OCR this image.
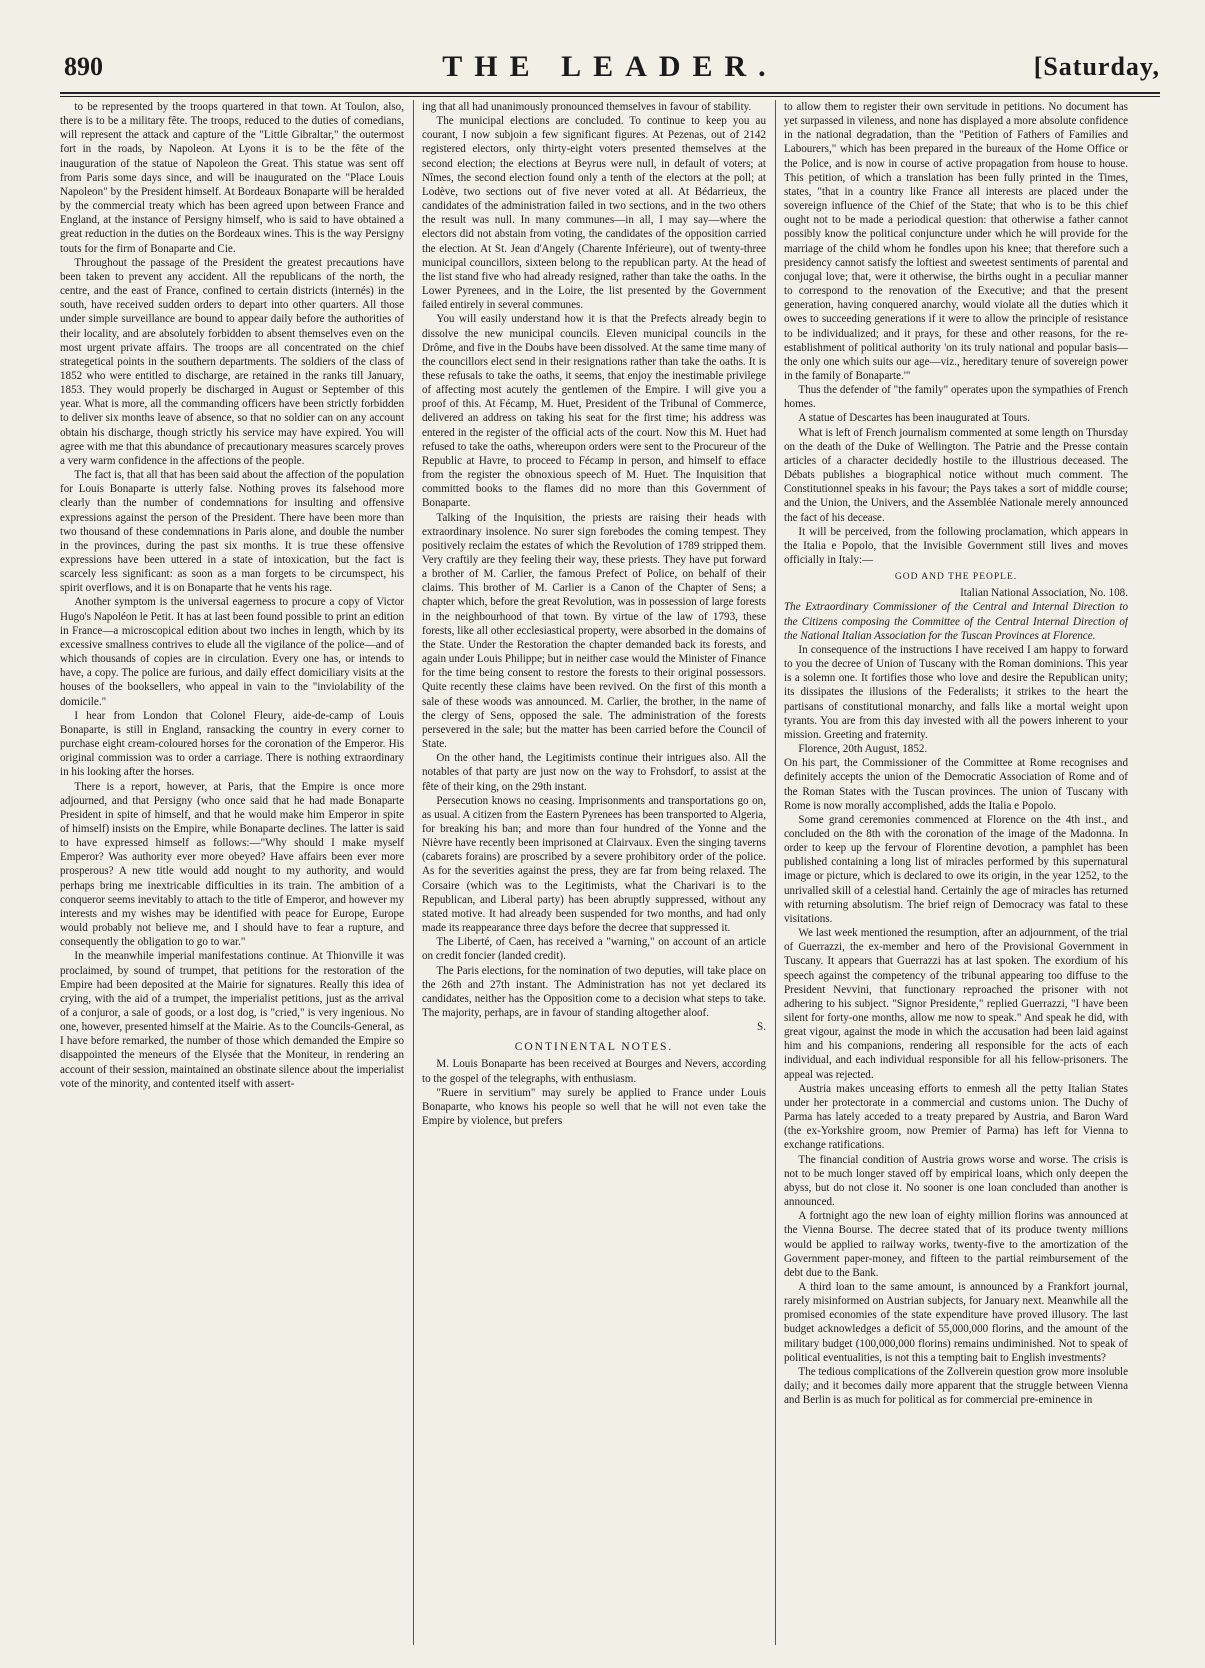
890	THE LEADER.	[Saturday,

to be represented by the troops quartered in that town. At Toulon, also, there is to be a military fête. The troops, reduced to the duties of comedians, will represent the attack and capture of the "Little Gibraltar," the outermost fort in the roads, by Napoleon. At Lyons it is to be the fête of the inauguration of the statue of Napoleon the Great. This statue was sent off from Paris some days since, and will be inaugurated on the "Place Louis Napoleon" by the President himself. At Bordeaux Bonaparte will be heralded by the commercial treaty which has been agreed upon between France and England, at the instance of Persigny himself, who is said to have obtained a great reduction in the duties on the Bordeaux wines. This is the way Persigny touts for the firm of Bonaparte and Cie.

Throughout the passage of the President the greatest precautions have been taken to prevent any accident. All the republicans of the north, the centre, and the east of France, confined to certain districts (internés) in the south, have received sudden orders to depart into other quarters. All those under simple surveillance are bound to appear daily before the authorities of their locality, and are absolutely forbidden to absent themselves even on the most urgent private affairs. The troops are all concentrated on the chief strategetical points in the southern departments. The soldiers of the class of 1852 who were entitled to discharge, are retained in the ranks till January, 1853. They would properly be discharged in August or September of this year. What is more, all the commanding officers have been strictly forbidden to deliver six months leave of absence, so that no soldier can on any account obtain his discharge, though strictly his service may have expired. You will agree with me that this abundance of precautionary measures scarcely proves a very warm confidence in the affections of the people.

The fact is, that all that has been said about the affection of the population for Louis Bonaparte is utterly false. Nothing proves its falsehood more clearly than the number of condemnations for insulting and offensive expressions against the person of the President. There have been more than two thousand of these condemnations in Paris alone, and double the number in the provinces, during the past six months. It is true these offensive expressions have been uttered in a state of intoxication, but the fact is scarcely less significant: as soon as a man forgets to be circumspect, his spirit overflows, and it is on Bonaparte that he vents his rage.

Another symptom is the universal eagerness to procure a copy of Victor Hugo's Napoléon le Petit. It has at last been found possible to print an edition in France—a microscopical edition about two inches in length, which by its excessive smallness contrives to elude all the vigilance of the police—and of which thousands of copies are in circulation. Every one has, or intends to have, a copy. The police are furious, and daily effect domiciliary visits at the houses of the booksellers, who appeal in vain to the "inviolability of the domicile."

I hear from London that Colonel Fleury, aide-de-camp of Louis Bonaparte, is still in England, ransacking the country in every corner to purchase eight cream-coloured horses for the coronation of the Emperor. His original commission was to order a carriage. There is nothing extraordinary in his looking after the horses.

There is a report, however, at Paris, that the Empire is once more adjourned, and that Persigny (who once said that he had made Bonaparte President in spite of himself, and that he would make him Emperor in spite of himself) insists on the Empire, while Bonaparte declines. The latter is said to have expressed himself as follows:—"Why should I make myself Emperor? Was authority ever more obeyed? Have affairs been ever more prosperous? A new title would add nought to my authority, and would perhaps bring me inextricable difficulties in its train. The ambition of a conqueror seems inevitably to attach to the title of Emperor, and however my interests and my wishes may be identified with peace for Europe, Europe would probably not believe me, and I should have to fear a rupture, and consequently the obligation to go to war."

In the meanwhile imperial manifestations continue. At Thionville it was proclaimed, by sound of trumpet, that petitions for the restoration of the Empire had been deposited at the Mairie for signatures. Really this idea of crying, with the aid of a trumpet, the imperialist petitions, just as the arrival of a conjuror, a sale of goods, or a lost dog, is "cried," is very ingenious. No one, however, presented himself at the Mairie. As to the Councils-General, as I have before remarked, the number of those which demanded the Empire so disappointed the meneurs of the Elysée that the Moniteur, in rendering an account of their session, maintained an obstinate silence about the imperialist vote of the minority, and contented itself with assert-

ing that all had unanimously pronounced themselves in favour of stability.

The municipal elections are concluded. To continue to keep you au courant, I now subjoin a few significant figures. At Pezenas, out of 2142 registered electors, only thirty-eight voters presented themselves at the second election; the elections at Beyrus were null, in default of voters; at Nîmes, the second election found only a tenth of the electors at the poll; at Lodève, two sections out of five never voted at all. At Bédarrieux, the candidates of the administration failed in two sections, and in the two others the result was null. In many communes—in all, I may say—where the electors did not abstain from voting, the candidates of the opposition carried the election. At St. Jean d'Angely (Charente Inférieure), out of twenty-three municipal councillors, sixteen belong to the republican party. At the head of the list stand five who had already resigned, rather than take the oaths. In the Lower Pyrenees, and in the Loire, the list presented by the Government failed entirely in several communes.

You will easily understand how it is that the Prefects already begin to dissolve the new municipal councils. Eleven municipal councils in the Drôme, and five in the Doubs have been dissolved. At the same time many of the councillors elect send in their resignations rather than take the oaths. It is these refusals to take the oaths, it seems, that enjoy the inestimable privilege of affecting most acutely the gentlemen of the Empire. I will give you a proof of this. At Fécamp, M. Huet, President of the Tribunal of Commerce, delivered an address on taking his seat for the first time; his address was entered in the register of the official acts of the court. Now this M. Huet had refused to take the oaths, whereupon orders were sent to the Procureur of the Republic at Havre, to proceed to Fécamp in person, and himself to efface from the register the obnoxious speech of M. Huet. The Inquisition that committed books to the flames did no more than this Government of Bonaparte.

Talking of the Inquisition, the priests are raising their heads with extraordinary insolence. No surer sign forebodes the coming tempest. They positively reclaim the estates of which the Revolution of 1789 stripped them. Very craftily are they feeling their way, these priests. They have put forward a brother of M. Carlier, the famous Prefect of Police, on behalf of their claims. This brother of M. Carlier is a Canon of the Chapter of Sens; a chapter which, before the great Revolution, was in possession of large forests in the neighbourhood of that town. By virtue of the law of 1793, these forests, like all other ecclesiastical property, were absorbed in the domains of the State. Under the Restoration the chapter demanded back its forests, and again under Louis Philippe; but in neither case would the Minister of Finance for the time being consent to restore the forests to their original possessors. Quite recently these claims have been revived. On the first of this month a sale of these woods was announced. M. Carlier, the brother, in the name of the clergy of Sens, opposed the sale. The administration of the forests persevered in the sale; but the matter has been carried before the Council of State.

On the other hand, the Legitimists continue their intrigues also. All the notables of that party are just now on the way to Frohsdorf, to assist at the fête of their king, on the 29th instant.

Persecution knows no ceasing. Imprisonments and transportations go on, as usual. A citizen from the Eastern Pyrenees has been transported to Algeria, for breaking his ban; and more than four hundred of the Yonne and the Nièvre have recently been imprisoned at Clairvaux. Even the singing taverns (cabarets forains) are proscribed by a severe prohibitory order of the police. As for the severities against the press, they are far from being relaxed. The Corsaire (which was to the Legitimists, what the Charivari is to the Republican, and Liberal party) has been abruptly suppressed, without any stated motive. It had already been suspended for two months, and had only made its reappearance three days before the decree that suppressed it.

The Liberté, of Caen, has received a "warning," on account of an article on credit foncier (landed credit).

The Paris elections, for the nomination of two deputies, will take place on the 26th and 27th instant. The Administration has not yet declared its candidates, neither has the Opposition come to a decision what steps to take. The majority, perhaps, are in favour of standing altogether aloof.

S.

CONTINENTAL NOTES.

M. Louis Bonaparte has been received at Bourges and Nevers, according to the gospel of the telegraphs, with enthusiasm.

"Ruere in servitium" may surely be applied to France under Louis Bonaparte, who knows his people so well that he will not even take the Empire by violence, but prefers

to allow them to register their own servitude in petitions. No document has yet surpassed in vileness, and none has displayed a more absolute confidence in the national degradation, than the "Petition of Fathers of Families and Labourers," which has been prepared in the bureaux of the Home Office or the Police, and is now in course of active propagation from house to house. This petition, of which a translation has been fully printed in the Times, states, "that in a country like France all interests are placed under the sovereign influence of the Chief of the State; that who is to be this chief ought not to be made a periodical question: that otherwise a father cannot possibly know the political conjuncture under which he will provide for the marriage of the child whom he fondles upon his knee; that therefore such a presidency cannot satisfy the loftiest and sweetest sentiments of parental and conjugal love; that, were it otherwise, the births ought in a peculiar manner to correspond to the renovation of the Executive; and that the present generation, having conquered anarchy, would violate all the duties which it owes to succeeding generations if it were to allow the principle of resistance to be individualized; and it prays, for these and other reasons, for the re-establishment of political authority 'on its truly national and popular basis—the only one which suits our age—viz., hereditary tenure of sovereign power in the family of Bonaparte.'"

Thus the defender of "the family" operates upon the sympathies of French homes.

A statue of Descartes has been inaugurated at Tours.

What is left of French journalism commented at some length on Thursday on the death of the Duke of Wellington. The Patrie and the Presse contain articles of a character decidedly hostile to the illustrious deceased. The Débats publishes a biographical notice without much comment. The Constitutionnel speaks in his favour; the Pays takes a sort of middle course; and the Union, the Univers, and the Assemblée Nationale merely announced the fact of his decease.

It will be perceived, from the following proclamation, which appears in the Italia e Popolo, that the Invisible Government still lives and moves officially in Italy:—

GOD AND THE PEOPLE.

Italian National Association, No. 108.

The Extraordinary Commissioner of the Central and Internal Direction to the Citizens composing the Committee of the Central Internal Direction of the National Italian Association for the Tuscan Provinces at Florence.

In consequence of the instructions I have received I am happy to forward to you the decree of Union of Tuscany with the Roman dominions. This year is a solemn one. It fortifies those who love and desire the Republican unity; its dissipates the illusions of the Federalists; it strikes to the heart the partisans of constitutional monarchy, and falls like a mortal weight upon tyrants. You are from this day invested with all the powers inherent to your mission. Greeting and fraternity.

Florence, 20th August, 1852.

On his part, the Commissioner of the Committee at Rome recognises and definitely accepts the union of the Democratic Association of Rome and of the Roman States with the Tuscan provinces. The union of Tuscany with Rome is now morally accomplished, adds the Italia e Popolo.

Some grand ceremonies commenced at Florence on the 4th inst., and concluded on the 8th with the coronation of the image of the Madonna. In order to keep up the fervour of Florentine devotion, a pamphlet has been published containing a long list of miracles performed by this supernatural image or picture, which is declared to owe its origin, in the year 1252, to the unrivalled skill of a celestial hand. Certainly the age of miracles has returned with returning absolutism. The brief reign of Democracy was fatal to these visitations.

We last week mentioned the resumption, after an adjournment, of the trial of Guerrazzi, the ex-member and hero of the Provisional Government in Tuscany. It appears that Guerrazzi has at last spoken. The exordium of his speech against the competency of the tribunal appearing too diffuse to the President Nevvini, that functionary reproached the prisoner with not adhering to his subject. "Signor Presidente," replied Guerrazzi, "I have been silent for forty-one months, allow me now to speak." And speak he did, with great vigour, against the mode in which the accusation had been laid against him and his companions, rendering all responsible for the acts of each individual, and each individual responsible for all his fellow-prisoners. The appeal was rejected.

Austria makes unceasing efforts to enmesh all the petty Italian States under her protectorate in a commercial and customs union. The Duchy of Parma has lately acceded to a treaty prepared by Austria, and Baron Ward (the ex-Yorkshire groom, now Premier of Parma) has left for Vienna to exchange ratifications.

The financial condition of Austria grows worse and worse. The crisis is not to be much longer staved off by empirical loans, which only deepen the abyss, but do not close it. No sooner is one loan concluded than another is announced.

A fortnight ago the new loan of eighty million florins was announced at the Vienna Bourse. The decree stated that of its produce twenty millions would be applied to railway works, twenty-five to the amortization of the Government paper-money, and fifteen to the partial reimbursement of the debt due to the Bank.

A third loan to the same amount, is announced by a Frankfort journal, rarely misinformed on Austrian subjects, for January next. Meanwhile all the promised economies of the state expenditure have proved illusory. The last budget acknowledges a deficit of 55,000,000 florins, and the amount of the military budget (100,000,000 florins) remains undiminished. Not to speak of political eventualities, is not this a tempting bait to English investments?

The tedious complications of the Zollverein question grow more insoluble daily; and it becomes daily more apparent that the struggle between Vienna and Berlin is as much for political as for commercial pre-eminence in
